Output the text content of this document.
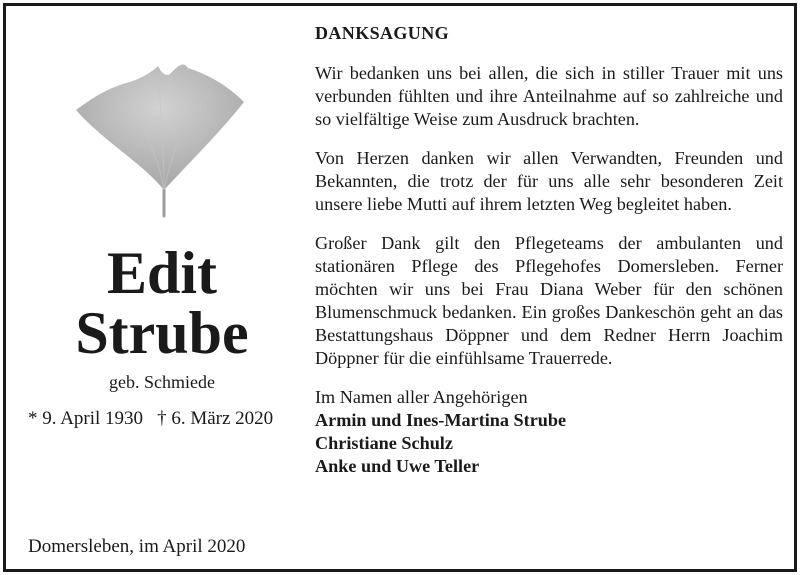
Edit
Strube
geb. Schmiede
* 9. April 1930 † 6. März 2020
Domersleben, im April 2020
DANKSAGUNG
Wir bedanken uns bei allen, die sich in stiller Trauer mit uns verbunden fühlten und ihre Anteilnahme auf so zahlreiche und so vielfältige Weise zum Ausdruck brachten.
Von Herzen danken wir allen Verwandten, Freunden und Bekannten, die trotz der für uns alle sehr besonderen Zeit unsere liebe Mutti auf ihrem letzten Weg begleitet haben.
Großer Dank gilt den Pflegeteams der ambulanten und stationären Pflege des Pflegehofes Domersleben. Ferner möchten wir uns bei Frau Diana Weber für den schönen Blumenschmuck bedanken. Ein großes Dankeschön geht an das Bestattungshaus Döppner und dem Redner Herrn Joachim Döppner für die einfühlsame Trauerrede.
Im Namen aller Angehörigen
Armin und Ines-Martina Strube
Christiane Schulz
Anke und Uwe Teller
